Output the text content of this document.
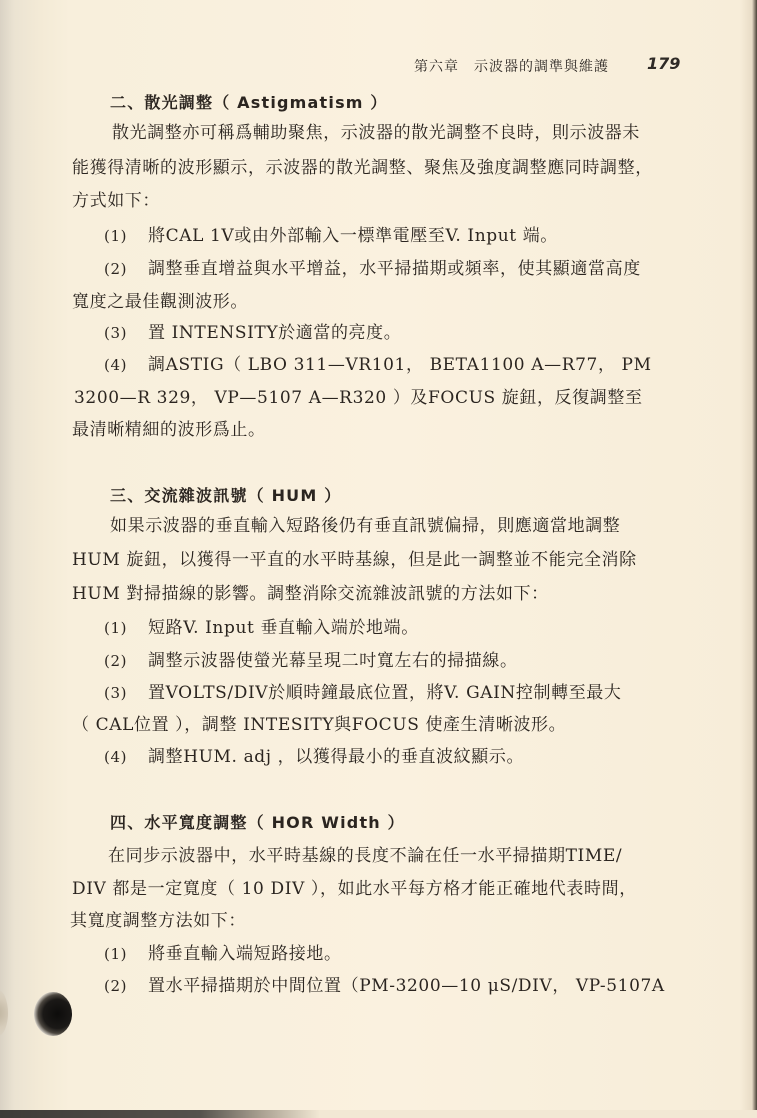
第六章　示波器的調準與維護 179
二、散光調整（ Astigmatism ）
散光調整亦可稱爲輔助聚焦，示波器的散光調整不良時，則示波器未
能獲得清晰的波形顯示，示波器的散光調整、聚焦及強度調整應同時調整，
方式如下：
(1) 將CAL 1V或由外部輸入一標準電壓至V. Input 端。
(2) 調整垂直增益與水平增益，水平掃描期或頻率，使其顯適當高度
寬度之最佳觀測波形。
(3) 置 INTENSITY於適當的亮度。
(4) 調ASTIG（ LBO 311—VR101， BETA1100 A—R77， PM
3200—R 329， VP—5107 A—R320 ）及FOCUS 旋鈕，反復調整至
最清晰精細的波形爲止。
三、交流雜波訊號（ HUM ）
如果示波器的垂直輸入短路後仍有垂直訊號偏掃，則應適當地調整
HUM 旋鈕，以獲得一平直的水平時基線，但是此一調整並不能完全消除
HUM 對掃描線的影響。調整消除交流雜波訊號的方法如下：
(1) 短路V. Input 垂直輸入端於地端。
(2) 調整示波器使螢光幕呈現二吋寬左右的掃描線。
(3) 置VOLTS/DIV於順時鐘最底位置，將V. GAIN控制轉至最大
（ CAL位置 ），調整 INTESITY與FOCUS 使產生清晰波形。
(4) 調整HUM. adj ，以獲得最小的垂直波紋顯示。
四、水平寬度調整（ HOR Width ）
在同步示波器中，水平時基線的長度不論在任一水平掃描期TIME/
DIV 都是一定寬度（ 10 DIV ），如此水平每方格才能正確地代表時間，
其寬度調整方法如下：
(1) 將垂直輸入端短路接地。
(2) 置水平掃描期於中間位置（PM-3200—10 μS/DIV， VP-5107A
